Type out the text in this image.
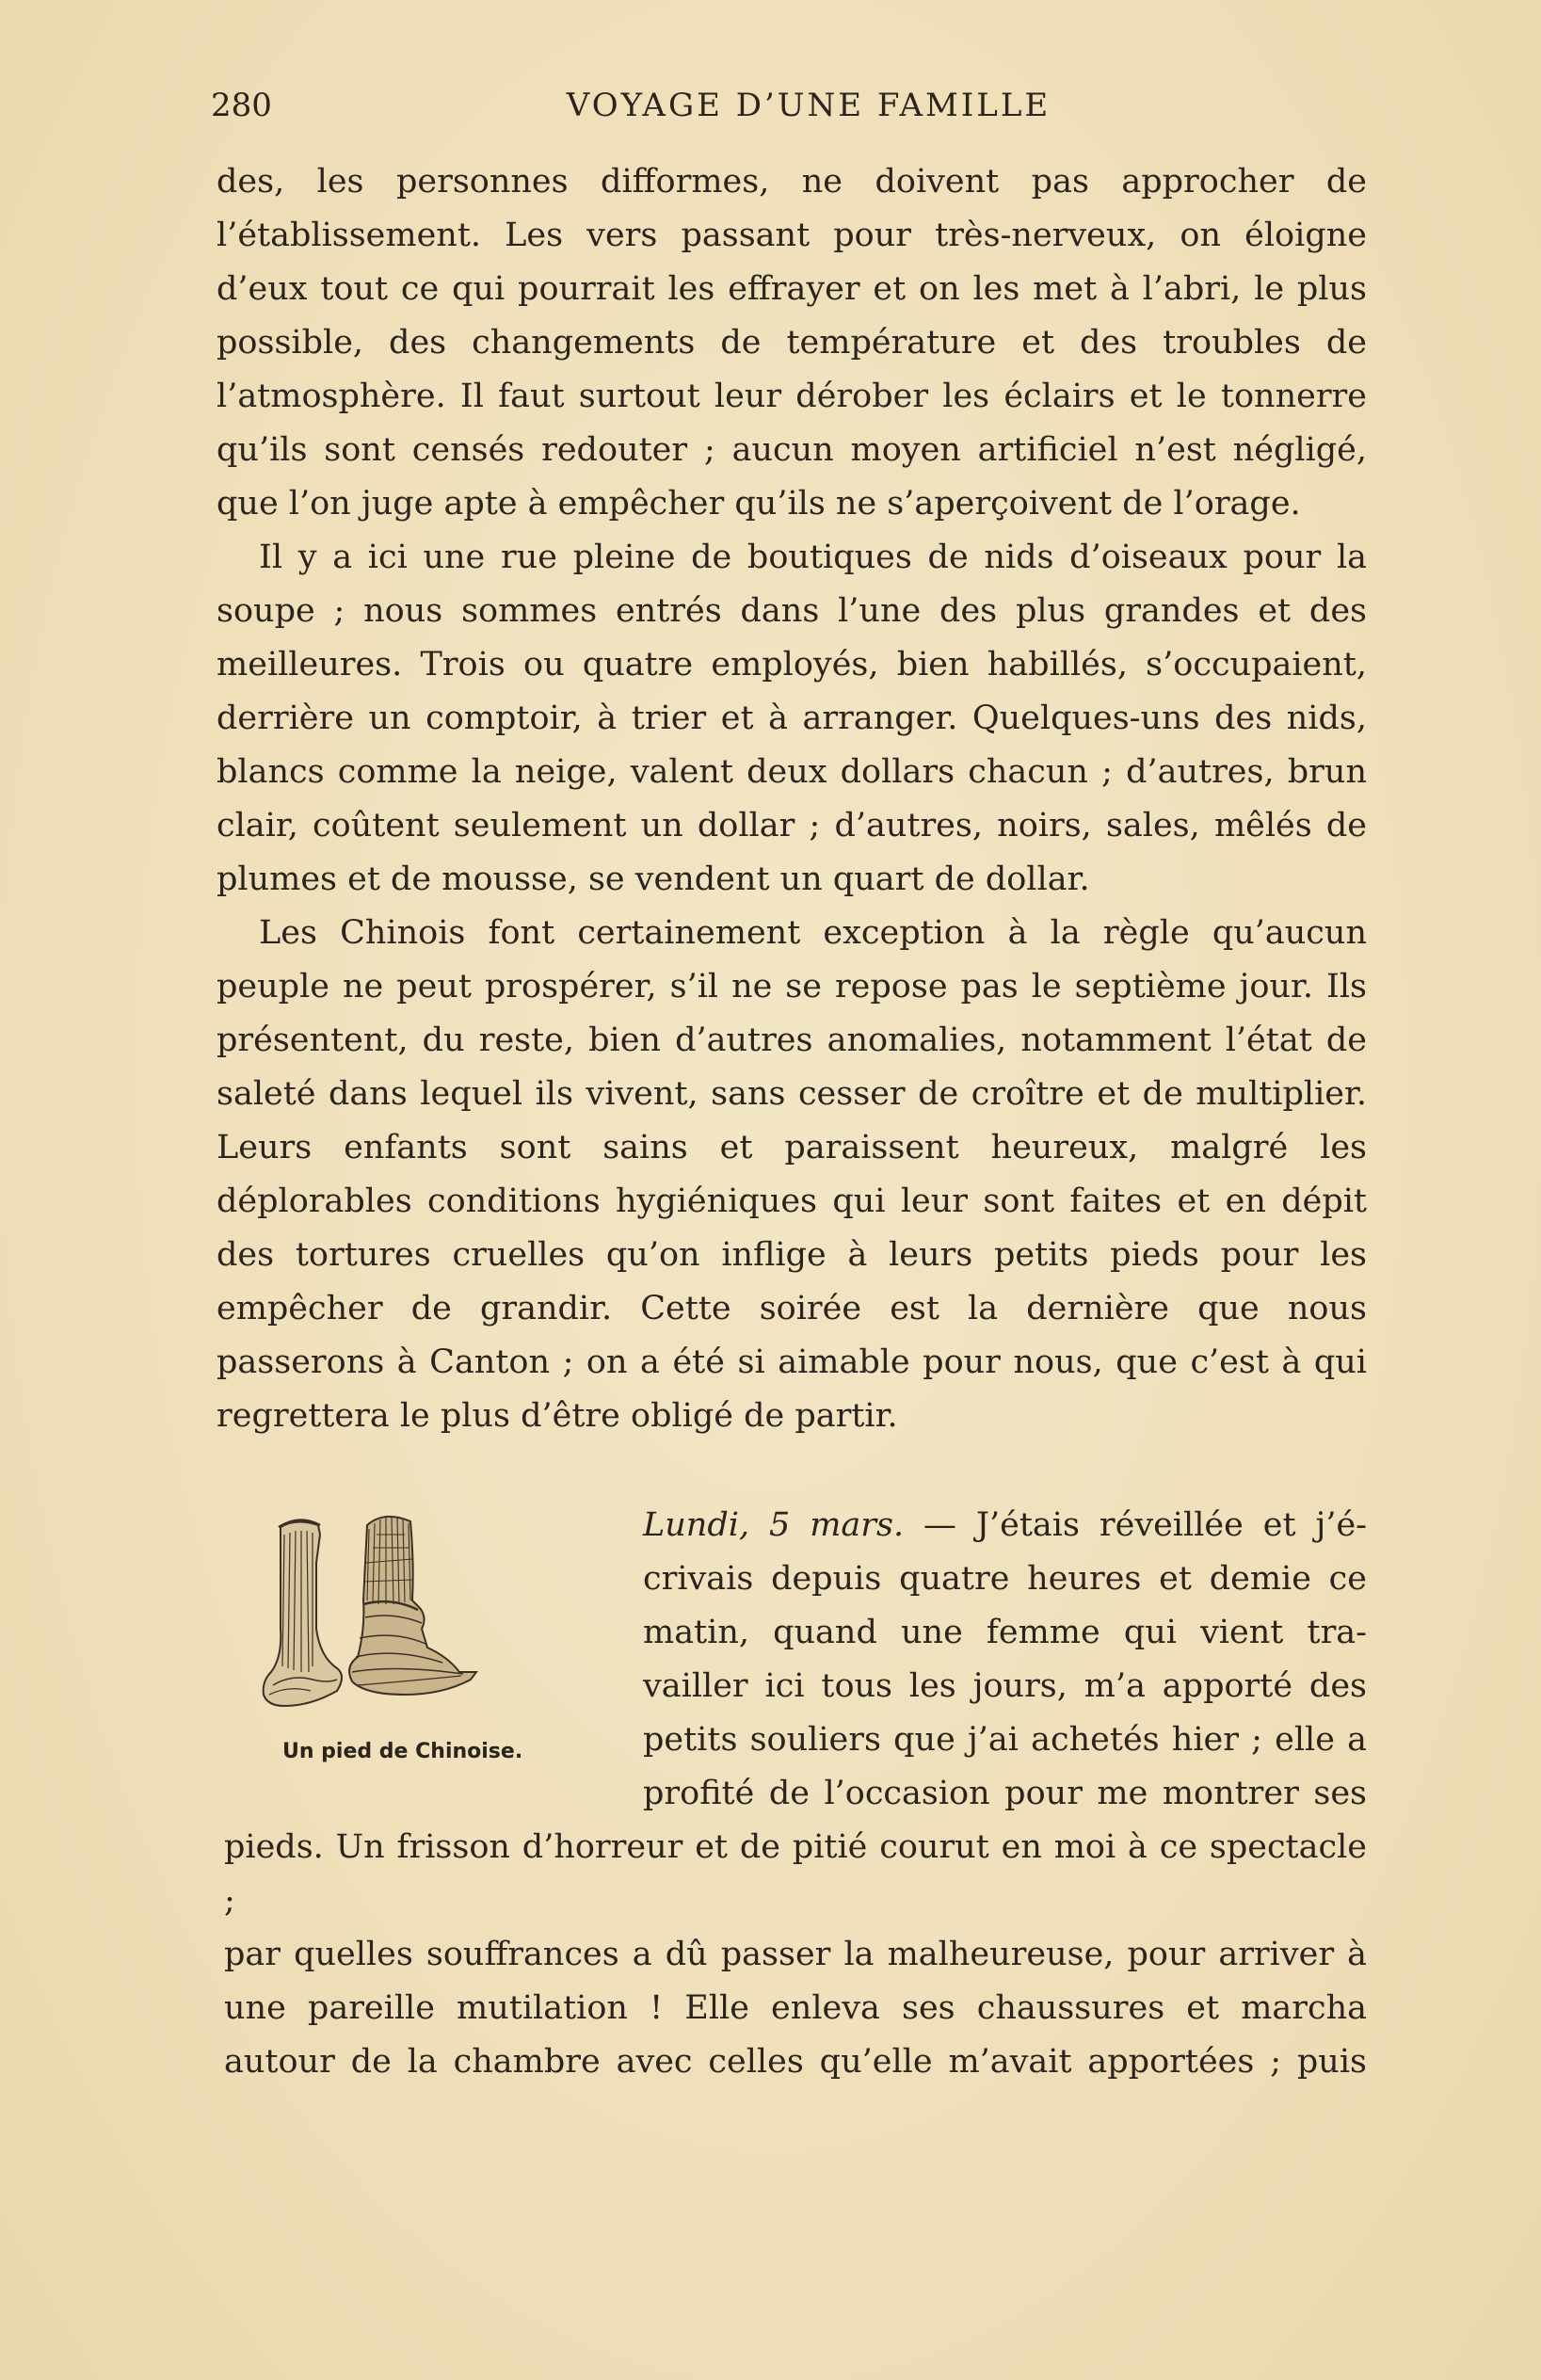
280	VOYAGE D’UNE FAMILLE

des, les personnes difformes, ne doivent pas approcher de l’établissement. Les vers passant pour très-nerveux, on éloigne d’eux tout ce qui pourrait les effrayer et on les met à l’abri, le plus possible, des changements de température et des troubles de l’atmosphère. Il faut surtout leur dérober les éclairs et le tonnerre qu’ils sont censés redouter ; aucun moyen artificiel n’est négligé, que l’on juge apte à empêcher qu’ils ne s’aperçoivent de l’orage.

Il y a ici une rue pleine de boutiques de nids d’oiseaux pour la soupe ; nous sommes entrés dans l’une des plus grandes et des meilleures. Trois ou quatre employés, bien habillés, s’occupaient, derrière un comptoir, à trier et à arranger. Quelques-uns des nids, blancs comme la neige, valent deux dollars chacun ; d’autres, brun clair, coûtent seulement un dollar ; d’autres, noirs, sales, mêlés de plumes et de mousse, se vendent un quart de dollar.

Les Chinois font certainement exception à la règle qu’aucun peuple ne peut prospérer, s’il ne se repose pas le septième jour. Ils présentent, du reste, bien d’autres anomalies, notamment l’état de saleté dans lequel ils vivent, sans cesser de croître et de multiplier. Leurs enfants sont sains et paraissent heureux, malgré les déplorables conditions hygiéniques qui leur sont faites et en dépit des tortures cruelles qu’on inflige à leurs petits pieds pour les empêcher de grandir. Cette soirée est la dernière que nous passerons à Canton ; on a été si aimable pour nous, que c’est à qui regrettera le plus d’être obligé de partir.

Un pied de Chinoise.
Lundi, 5 mars. — J’étais réveillée et j’é-
crivais depuis quatre heures et demie ce
matin, quand une femme qui vient tra-
vailler ici tous les jours, m’a apporté des
petits souliers que j’ai achetés hier ; elle a
profité de l’occasion pour me montrer ses
pieds. Un frisson d’horreur et de pitié courut en moi à ce spectacle ;
par quelles souffrances a dû passer la malheureuse, pour arriver à
une pareille mutilation ! Elle enleva ses chaussures et marcha
autour de la chambre avec celles qu’elle m’avait apportées ; puis
